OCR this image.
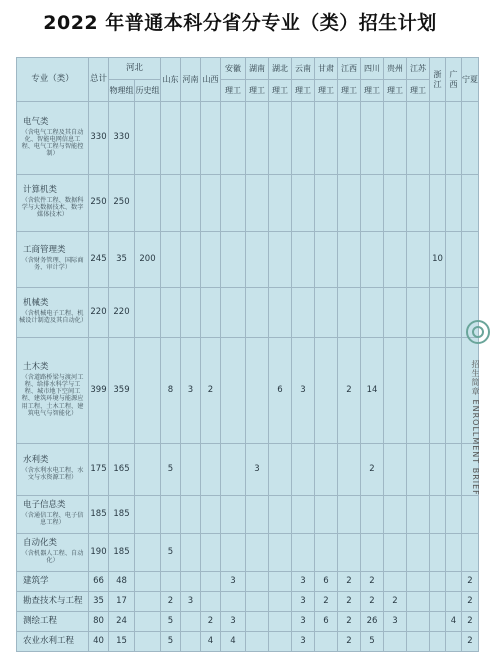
2022 年普通本科分省分专业（类）招生计划
专业（类）	总计	河北		山东	河南	山西	安徽	湖南	湖北	云南	甘肃	江西	四川	贵州	江苏	浙江	广西	宁夏
		物理组	历史组				理工	理工	理工	理工	理工	理工	理工	理工	理工			

电气类
（含电气工程及其自动化、智能电网信息工程、电气工程与智能控制）	330	330																

计算机类
（含软件工程、数据科学与大数据技术、数字媒体技术）	250	250																

工商管理类
（含财务管理、国际商务、审计学）	245	35	200													10		

机械类
（含机械电子工程、机械设计制造及其自动化）	220	220																

土木类
（含道路桥梁与渡河工程、给排水科学与工程、城市地下空间工程、建筑环境与能源应用工程、土木工程、建筑电气与智能化）	399	359		8	3	2			6	3		2	14					

水利类
（含水利水电工程、水文与水资源工程）	175	165		5				3					2					

电子信息类
（含通信工程、电子信息工程）	185	185																

自动化类
（含机器人工程、自动化）	190	185		5														

建筑学	66	48					3			3	6	2	2					2

勘查技术与工程	35	17		2	3					3	2	2	2	2				2

测绘工程	80	24		5		2	3			3	6	2	26	3			4	2

农业水利工程	40	15		5		4	4			3		2	5					2
招生简章 ENROLLMENT BRIEF
